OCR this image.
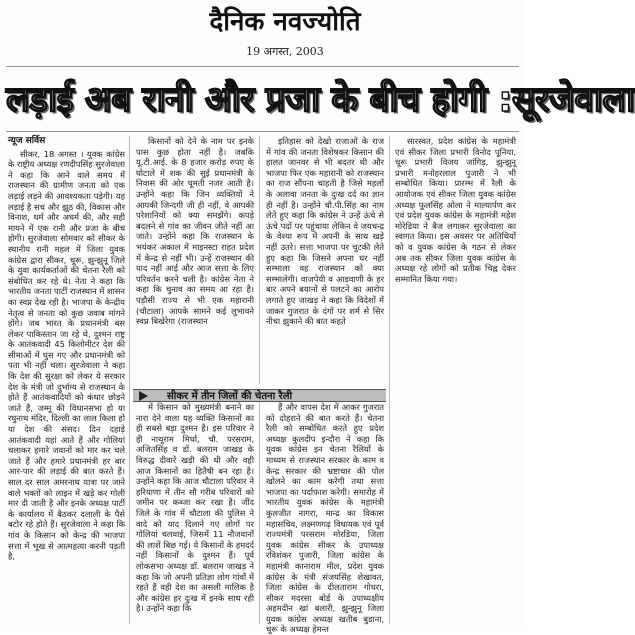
दैनिक नवज्योति
19 अगस्त, 2003
लड़ाई अब रानी और प्रजा के बीच होगी :सूरजेवाला
न्यूज सर्विस

सीकर, 18 अगस्त । युवक कांग्रेस के राष्ट्रीय अध्यक्ष रणदीपसिंह सुरजेवाला ने कहा कि आने वाले समय में राजस्थान की ग्रामीण जनता को एक लड़ाई लड़ने की आवश्यकता पड़ेगी। यह लड़ाई है सच और झूठ की, विकास और विनाश, धर्म और अधर्म की, और सही मायने में एक रानी और प्रजा के बीच होगी। सुरजेवाला सोमवार को सीकर के स्थानीय रानी महल में जिला युवक कांग्रेस द्वारा सीकर, चूरू, झुन्झुनू जिले के युवा कार्यकर्ताओं की चेतना रैली को संबोधित कर रहे थे। नेता ने कहा कि भारतीय जनता पार्टी राजस्थान में शासन का स्वप्न देख रही है। भाजपा के केन्द्रीय नेतृत्व से जनता को कुछ जवाब मांगने होंगे। जब भारत के प्रधानमंत्री बस लेकर पाकिस्तान जा रहे थे, दुश्मन राष्ट्र के आतंकवादी 45 किलोमीटर देश की सीमाओं में घुस गए और प्रधानमंत्री को पता भी नहीं चला। सुरजेवाला ने कहा कि देश की सुरक्षा को लेकर ये सरकार देश के मंत्री जो दुर्भाग्य से राजस्थान के होते हैं आतंकवादियों को कंधार छोड़ने जाते हैं, जम्मू की विधानसभा हो या रघुनाथ मंदिर, दिल्ली का लाल किला हो या देश की संसद। दिन दहाड़े आतंकवादी यहां आते हैं और गोलियां चलाकर हमारे जवानों को मार कर चले जाते हैं और हमारे प्रधानमंत्री हर बार आर-पार की लड़ाई की बात करते हैं। साल दर साल अमरनाथ यात्रा पर जाने वाले भक्तों को लाइन में खड़े कर गोली मार दी जाती है और इनके अध्यक्ष पार्टी के कार्यालय में बैठकर दलाली के पैसे बटोर रहे होते हैं। सुरजेवाला ने कहा कि गांव के किसान को केन्द्र की भाजपा सत्ता में भूख से आत्महत्या करनी पड़ती है,

किसानों को देने के नाम पर इनके पास कुछ होता नहीं है। जबकि यू.टी.आई. के 8 हजार करोड़ रुपए के घोटाले में शक की सुई प्रधानमंत्री के निवास की ओर घूमती नजर आती है। उन्होंने कहा कि जिन व्यक्तियों ने आपकी जिन्दगी जी ही नहीं, वे आपकी परेशानियों को क्या समझेंगे। कपड़े बदलने से गांव का जीवन जीते नहीं आ जाते। उन्होंने कहा कि राजस्थान के भयंकर अकाल में माइनस्टा राहत प्रदेश में केन्द्र से नहीं भी। उन्हें राजस्थान की याद नहीं आई और आज सत्ता के लिए परिवर्तन करने चली है। कांग्रेस नेता ने कहा कि चुनाव का समय आ रहा है। पड़ौसी राज्य से भी एक महारानी (चौटाला) आपके सामने कई लुभावने स्वप्न बिखेरेगा (राजस्थान

इतिहास को देखो राजाओं के राज में गांव की जनता विशेषकर किसान की हालत जानवर से भी बदतर थी और भाजपा फिर एक महारानी को राजस्थान का राज सौंपना चाहती है जिसे महलों के अलावा जनता के दुःख दर्द का ज्ञान ही नहीं है। उन्होंने चौ.पी.सिंह का नाम लेते हुए कहा कि कांग्रेस ने उन्हें ऊंचे से ऊंचे पदों पर पहुंचाया लेकिन वे जयचन्द्र के वेश्या रूप में अपनी के साथ खड़े नहीं उतरे। सत्ता भाजपा पर चुटकी लेते हुए कहा कि जिसने अपना घर नहीं सम्भाला वह राजस्थान को क्या सम्भालेगी। वाजपेयी व आडवाणी के हर बार अपने बयानों से पलटने का आरोप लगाते हुए जाखड़ ने कहा कि विदेशों में जाकर गुजरात के दंगों पर शर्म से सिर नीचा झुकाने की बात कहते

सारस्वत, प्रदेश कांग्रेस के महामंत्री एवं सीकर जिला प्रभारी विनोद पूनिया, चूरू प्रभारी विजय जांगिड़, झुन्झुनू प्रभारी मनोहरलाल पुजारी ने भी सम्बोधित किया। प्रारम्भ में रैली के आयोजक एवं सीकर जिला युवक कांग्रेस अध्यक्ष फूलसिंह ओला ने माल्यार्पण कर एवं प्रदेश युवक कांग्रेस के महामंत्री महेश मोरेडिया ने बैज लगाकर सुरजेवाला का स्वागत किया। इस अवसर पर अतिथियों को व युवक कांग्रेस के गठन से लेकर अब तक सीकर जिला युवक कांग्रेस के अध्यक्ष रहे लोगों को प्रतीक चिह्न देकर सम्मानित किया गया।

सीकर में तीन जिलों की चेतना रैली

में किसान को मुख्यमंत्री बनाने का नारा देने वाला यह व्यक्ति किसानों का ही सबसे बड़ा दुश्मन है। इस परिवार ने ही नाथूराम मिर्धा, चौ. परसराम, अजितसिंह व डॉ. बलराम जाखड़ के विरुद्ध दीवारें खड़ी की थी और वही आज किसानों का हितैषी बन रहा है। उन्होंने कहा कि आज चौटाला परिवार ने हरियाणा में तीन सौ गरीब परिवारों को जमीन पर कब्जा कर रखा है। जींद जिले के गांव में चौटाला की पुलिस ने वादे को याद दिलाने गए लोगों पर गोलियां चलवाई, जिसमें 11 नौजवानों की लाशें बिछ गई। ये किसानों के हमदर्द नहीं किसानों के दुश्मन हैं। पूर्व लोकसभा अध्यक्ष डॉ. बलराम जाखड़ ने कहा कि जो अपनी प्रतिज्ञा लोग गांवों में रहते हैं वही देश का असली मालिक है और कांग्रेस हर दुःख में इनके साथ रही है। उन्होंने कहा कि

हैं और वापस देश में आकर गुजरात को दोहराने की बात करते हैं। चेतना रैली को सम्बोधित करते हुए प्रदेश अध्यक्ष कुलदीप इन्दौरा ने कहा कि युवक कांग्रेस इन चेतना रैलियों के माध्यम से राजस्थान सरकार के काम व केन्द्र सरकार की भ्रष्टाचार की पोल खोलने का काम करेगी तथा सत्ता भाजपा का पर्दाफाश करेगी। समारोह में भारतीय युवक कांग्रेस के महामंत्री कुलजीत नागरा, मान्द्र का विकास महासचिव, लक्ष्मणगढ़ विधायक एवं पूर्व राज्यमंत्री परसराम मोरडिया, जिला युवक कांग्रेस सीकर के उपाध्यक्ष रविशंकर पुजारी, जिला कांग्रेस के महामंत्री कानाराम मील, प्रदेश युवक कांग्रेस के मंत्री संजयसिंह शेखावत, जिला कांग्रेस के दीलताराम गोधरा, सीकर मदरसा बोर्ड के उपाध्यक्षीय अहमदीन खां बलारी, झुन्झुनू जिला युवक कांग्रेस अध्यक्ष खतीब बुडाना, चूरू के अध्यक्ष हेमन्त
